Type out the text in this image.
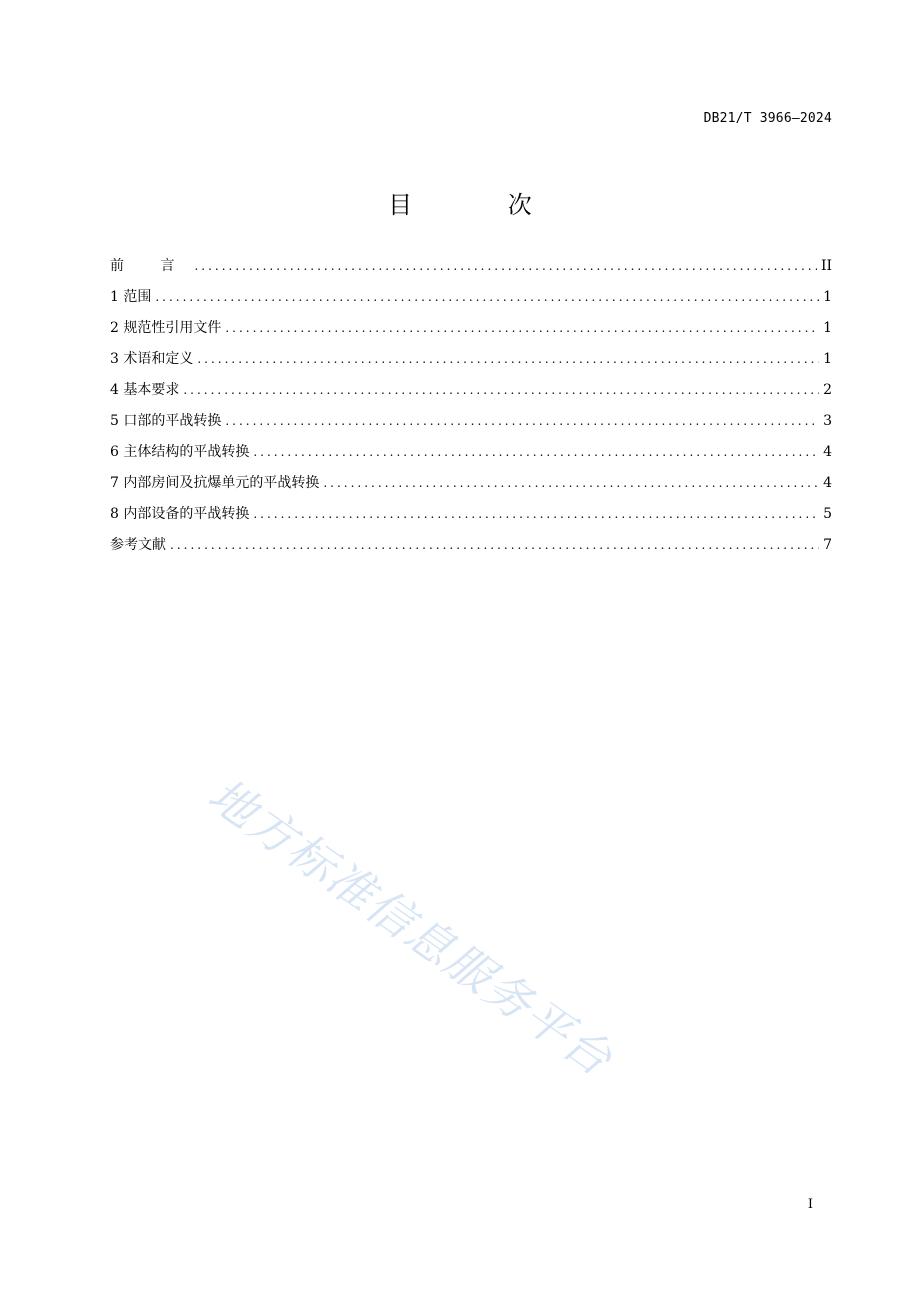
DB21/T 3966—2024
目 次
前 言 .....	II
1 范围 .....	1
2 规范性引用文件 .....	1
3 术语和定义 .....	1
4 基本要求 .....	2
5 口部的平战转换 .....	3
6 主体结构的平战转换 .....	4
7 内部房间及抗爆单元的平战转换 .....	4
8 内部设备的平战转换 .....	5
参考文献 .....	7
地方标准信息服务平台
I
